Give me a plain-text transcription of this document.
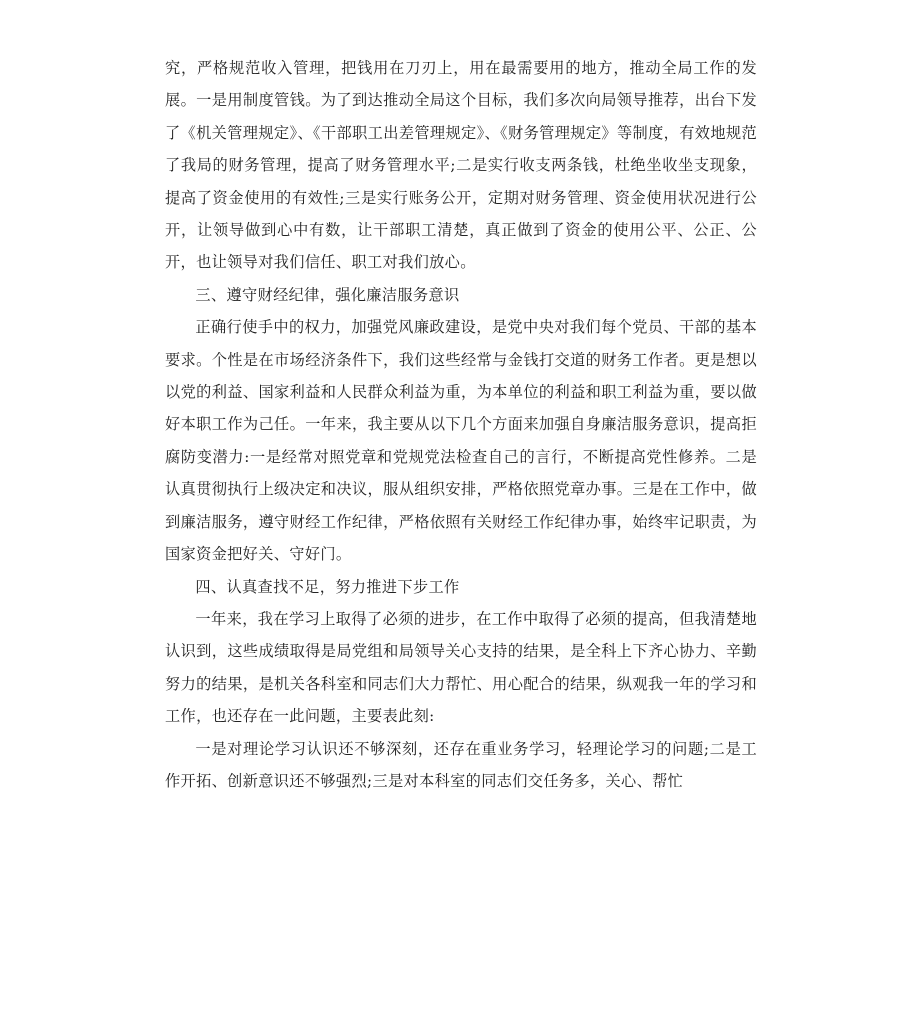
究，严格规范收入管理，把钱用在刀刃上，用在最需要用的地方，推动全局工作的发展。一是用制度管钱。为了到达推动全局这个目标，我们多次向局领导推荐，出台下发了《机关管理规定》、《干部职工出差管理规定》、《财务管理规定》等制度，有效地规范了我局的财务管理，提高了财务管理水平;二是实行收支两条钱，杜绝坐收坐支现象，提高了资金使用的有效性;三是实行账务公开，定期对财务管理、资金使用状况进行公开，让领导做到心中有数，让干部职工清楚，真正做到了资金的使用公平、公正、公开，也让领导对我们信任、职工对我们放心。

三、遵守财经纪律，强化廉洁服务意识

正确行使手中的权力，加强党风廉政建设，是党中央对我们每个党员、干部的基本要求。个性是在市场经济条件下，我们这些经常与金钱打交道的财务工作者。更是想以以党的利益、国家利益和人民群众利益为重，为本单位的利益和职工利益为重，要以做好本职工作为己任。一年来，我主要从以下几个方面来加强自身廉洁服务意识，提高拒腐防变潜力:一是经常对照党章和党规党法检查自己的言行，不断提高党性修养。二是认真贯彻执行上级决定和决议，服从组织安排，严格依照党章办事。三是在工作中，做到廉洁服务，遵守财经工作纪律，严格依照有关财经工作纪律办事，始终牢记职责，为国家资金把好关、守好门。

四、认真查找不足，努力推进下步工作

一年来，我在学习上取得了必须的进步，在工作中取得了必须的提高，但我清楚地认识到，这些成绩取得是局党组和局领导关心支持的结果，是全科上下齐心协力、辛勤努力的结果，是机关各科室和同志们大力帮忙、用心配合的结果，纵观我一年的学习和工作，也还存在一此问题，主要表此刻:

一是对理论学习认识还不够深刻，还存在重业务学习，轻理论学习的问题;二是工作开拓、创新意识还不够强烈;三是对本科室的同志们交任务多，关心、帮忙
